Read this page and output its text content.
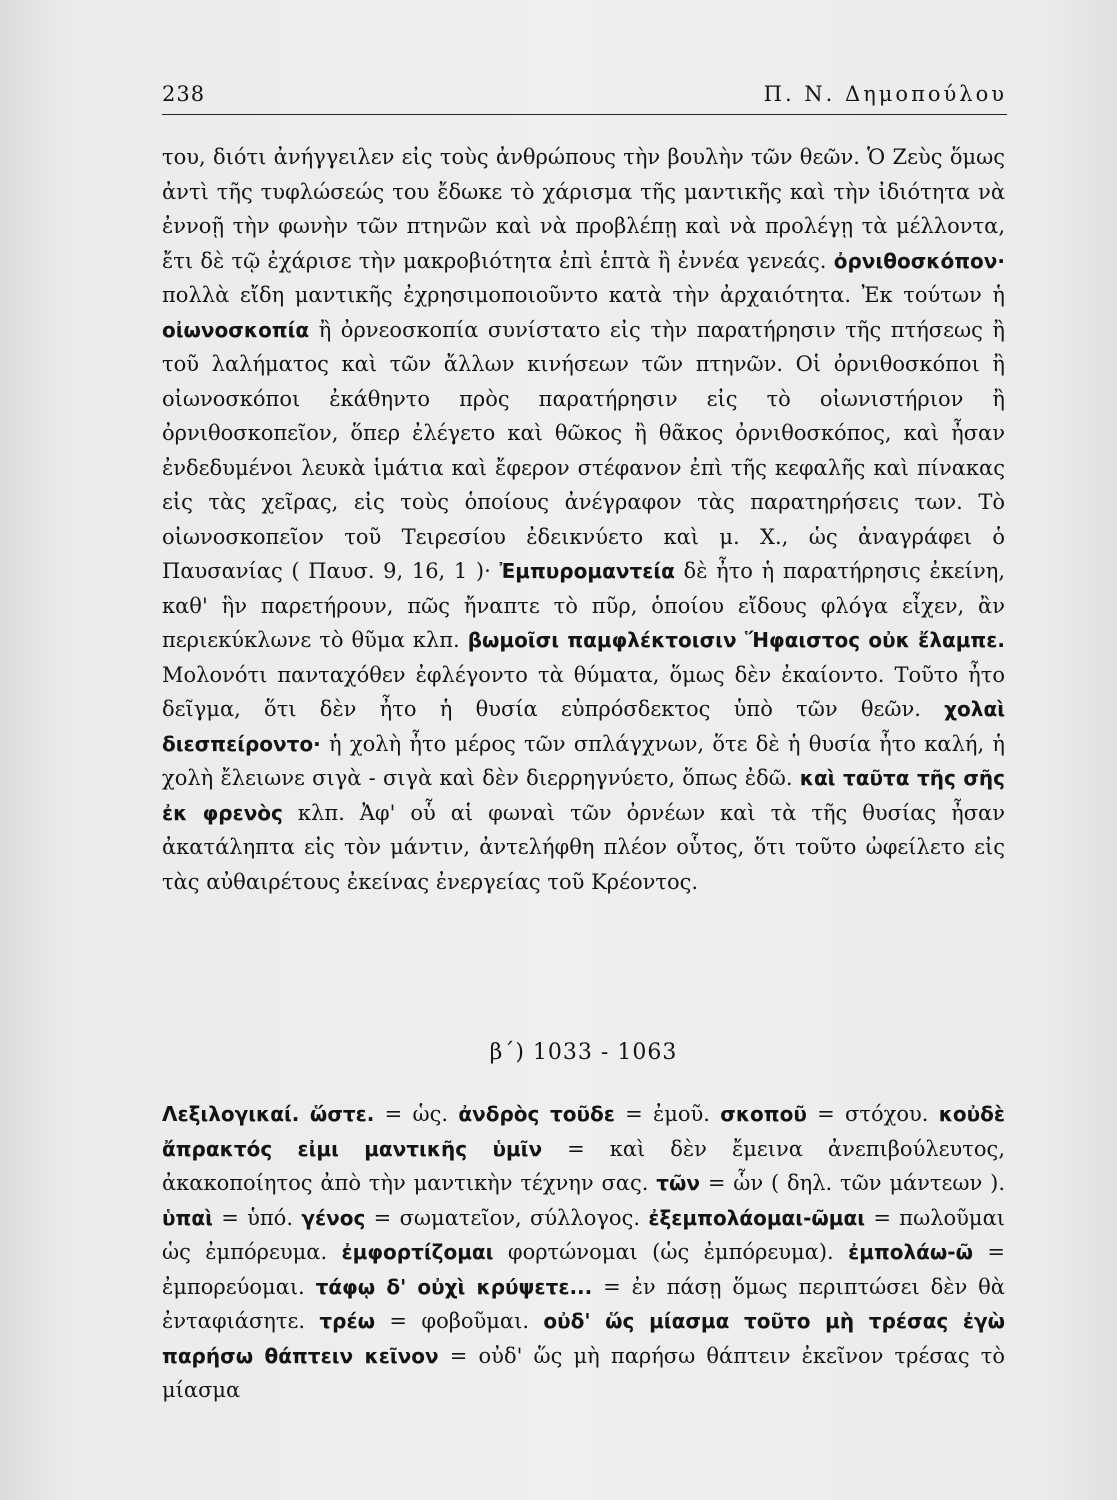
238	Π. Ν. Δημοπούλου
του, διότι ἀνήγγειλεν εἰς τοὺς ἀνθρώπους τὴν βουλὴν τῶν θεῶν. Ὁ Ζεὺς ὅμως ἀντὶ τῆς τυφλώσεώς του ἔδωκε τὸ χάρισμα τῆς μαντικῆς καὶ τὴν ἰδιότητα νὰ ἐννοῇ τὴν φωνὴν τῶν πτηνῶν καὶ νὰ προβλέπῃ καὶ νὰ προλέγῃ τὰ μέλλοντα, ἔτι δὲ τῷ ἐχάρισε τὴν μακροβιότητα ἐπὶ ἑπτὰ ἢ ἐννέα γενεάς. ὀρνιθοσκόπον· πολλὰ εἴδη μαντικῆς ἐχρησιμοποιοῦντο κατὰ τὴν ἀρχαιότητα. Ἐκ τούτων ἡ οἰωνοσκοπία ἢ ὀρνεοσκοπία συνίστατο εἰς τὴν παρατήρησιν τῆς πτήσεως ἢ τοῦ λαλήματος καὶ τῶν ἄλλων κινήσεων τῶν πτηνῶν. Οἱ ὀρνιθοσκόποι ἢ οἰωνοσκόποι ἐκάθηντο πρὸς παρατήρησιν εἰς τὸ οἰωνιστήριον ἢ ὀρνιθοσκοπεῖον, ὅπερ ἐλέγετο καὶ θῶκος ἢ θᾶκος ὀρνιθοσκόπος, καὶ ἦσαν ἐνδεδυμένοι λευκὰ ἱμάτια καὶ ἔφερον στέφανον ἐπὶ τῆς κεφαλῆς καὶ πίνακας εἰς τὰς χεῖρας, εἰς τοὺς ὁποίους ἀνέγραφον τὰς παρατηρήσεις των. Τὸ οἰωνοσκοπεῖον τοῦ Τειρεσίου ἐδεικνύετο καὶ μ. Χ., ὡς ἀναγράφει ὁ Παυσανίας ( Παυσ. 9, 16, 1 )· Ἐμπυρομαντεία δὲ ἦτο ἡ παρατήρησις ἐκείνη, καθ' ἣν παρετήρουν, πῶς ἤναπτε τὸ πῦρ, ὁποίου εἴδους φλόγα εἶχεν, ἂν περιεκύκλωνε τὸ θῦμα κλπ. βωμοῖσι παμφλέκτοισιν Ἥφαιστος οὐκ ἔλαμπε. Μολονότι πανταχόθεν ἐφλέγοντο τὰ θύματα, ὅμως δὲν ἐκαίοντο. Τοῦτο ἦτο δεῖγμα, ὅτι δὲν ἦτο ἡ θυσία εὐπρόσδεκτος ὑπὸ τῶν θεῶν. χολαὶ διεσπείροντο· ἡ χολὴ ἦτο μέρος τῶν σπλάγχνων, ὅτε δὲ ἡ θυσία ἦτο καλή, ἡ χολὴ ἔλειωνε σιγὰ - σιγὰ καὶ δὲν διερρηγνύετο, ὅπως ἐδῶ. καὶ ταῦτα τῆς σῆς ἐκ φρενὸς κλπ. Ἀφ' οὗ αἱ φωναὶ τῶν ὀρνέων καὶ τὰ τῆς θυσίας ἦσαν ἀκατάληπτα εἰς τὸν μάντιν, ἀντελήφθη πλέον οὗτος, ὅτι τοῦτο ὠφείλετο εἰς τὰς αὐθαιρέτους ἐκείνας ἐνεργείας τοῦ Κρέοντος.
β΄) 1033 - 1063
Λεξιλογικαί. ὥστε. = ὡς. ἀνδρὸς τοῦδε = ἐμοῦ. σκοποῦ = στόχου. κοὐδὲ ἄπρακτός εἰμι μαντικῆς ὑμῖν = καὶ δὲν ἔμεινα ἀνεπιβούλευτος, ἀκακοποίητος ἀπὸ τὴν μαντικὴν τέχνην σας. τῶν = ὧν ( δηλ. τῶν μάντεων ). ὑπαὶ = ὑπό. γένος = σωματεῖον, σύλλογος. ἐξεμπολάομαι-ῶμαι = πωλοῦμαι ὡς ἐμπόρευμα. ἐμφορτίζομαι φορτώνομαι (ὡς ἐμπόρευμα). ἐμπολάω-ῶ = ἐμπορεύομαι. τάφῳ δ' οὐχὶ κρύψετε... = ἐν πάσῃ ὅμως περιπτώσει δὲν θὰ ἐνταφιάσητε. τρέω = φοβοῦμαι. οὐδ' ὥς μίασμα τοῦτο μὴ τρέσας ἐγὼ παρήσω θάπτειν κεῖνον = οὐδ' ὥς μὴ παρήσω θάπτειν ἐκεῖνον τρέσας τὸ μίασμα
